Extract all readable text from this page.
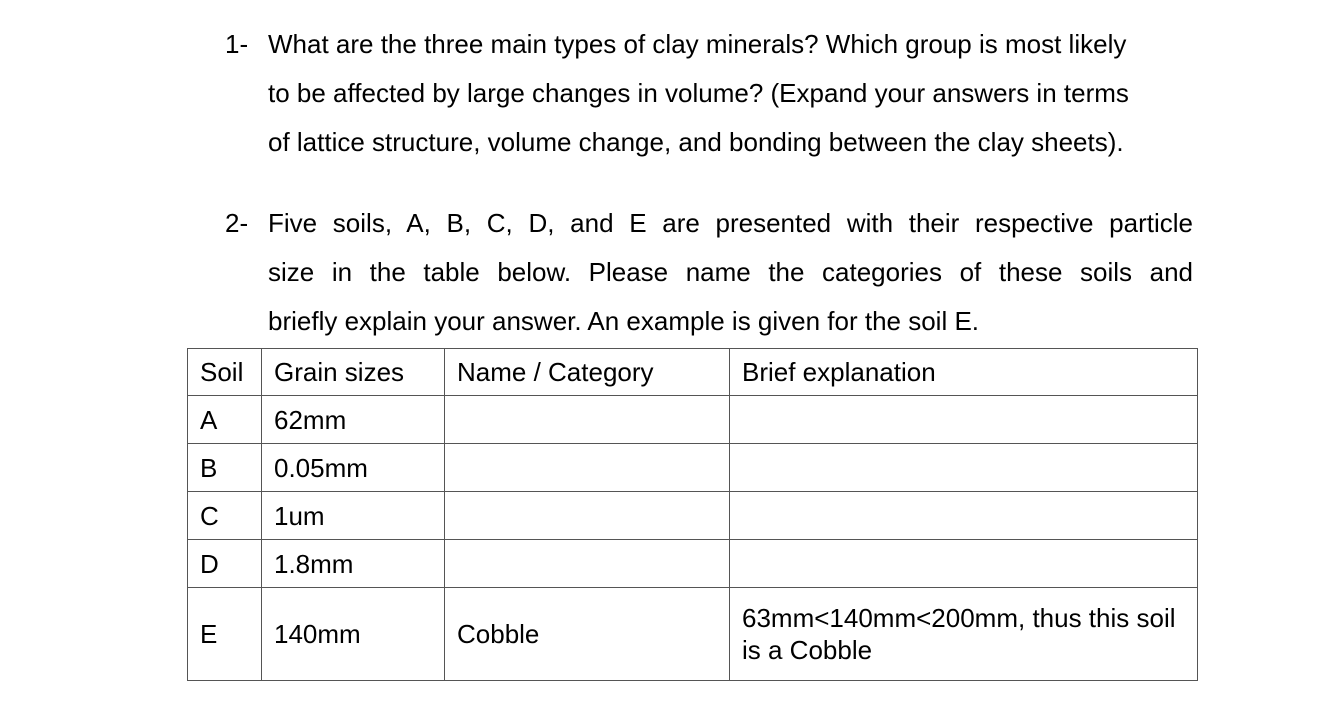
1- What are the three main types of clay minerals? Which group is most likely
to be affected by large changes in volume? (Expand your answers in terms
of lattice structure, volume change, and bonding between the clay sheets).
2- Five soils, A, B, C, D, and E are presented with their respective particle
size in the table below. Please name the categories of these soils and
briefly explain your answer. An example is given for the soil E.
Soil	Grain sizes	Name / Category	Brief explanation
A	62mm		
B	0.05mm		
C	1um		
D	1.8mm		
E	140mm	Cobble	63mm<140mm<200mm, thus this soil is a Cobble
